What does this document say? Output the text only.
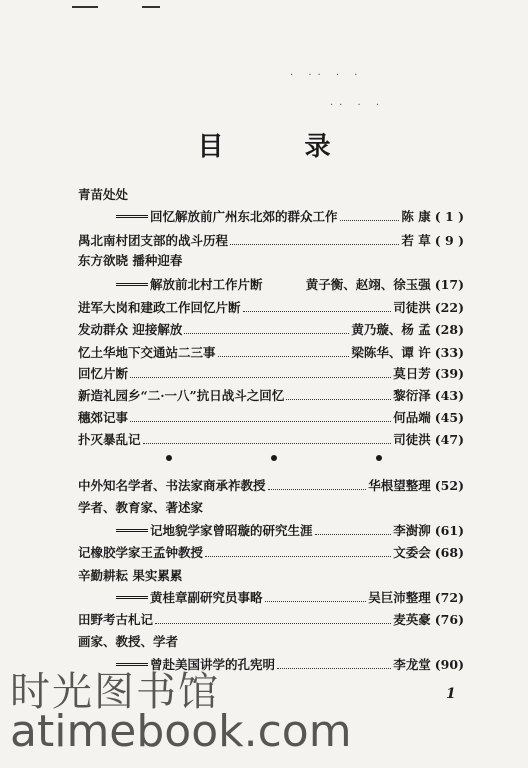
· ·· · ·
·· · ·
目 录
青苗处处
回忆解放前广州东北郊的群众工作	陈 康 ( 1 )
禺北南村团支部的战斗历程	若 草 ( 9 )
东方欲晓 播种迎春
解放前北村工作片断	黄子衡、赵翊、徐玉强 (17)
进军大岗和建政工作回忆片断	司徒洪 (22)
发动群众 迎接解放	黄乃璇、杨 孟 (28)
忆土华地下交通站二三事	梁陈华、谭 许 (33)
回忆片断	莫日芳 (39)
新造礼园乡“二·一八”抗日战斗之回忆	黎衍泽 (43)
穗郊记事	何品端 (45)
扑灭暴乱记	司徒洪 (47)
中外知名学者、书法家商承祚教授	华根望整理 (52)
学者、教育家、著述家
记地貌学家曾昭璇的研究生涯	李澍泖 (61)
记橡胶学家王孟钟教授	文委会 (68)
辛勤耕耘 果实累累
黄桂章副研究员事略	吴巨沛整理 (72)
田野考古札记	麦英豪 (76)
画家、教授、学者
曾赴美国讲学的孔宪明	李龙堂 (90)
1
时光图书馆
atimebook.com
